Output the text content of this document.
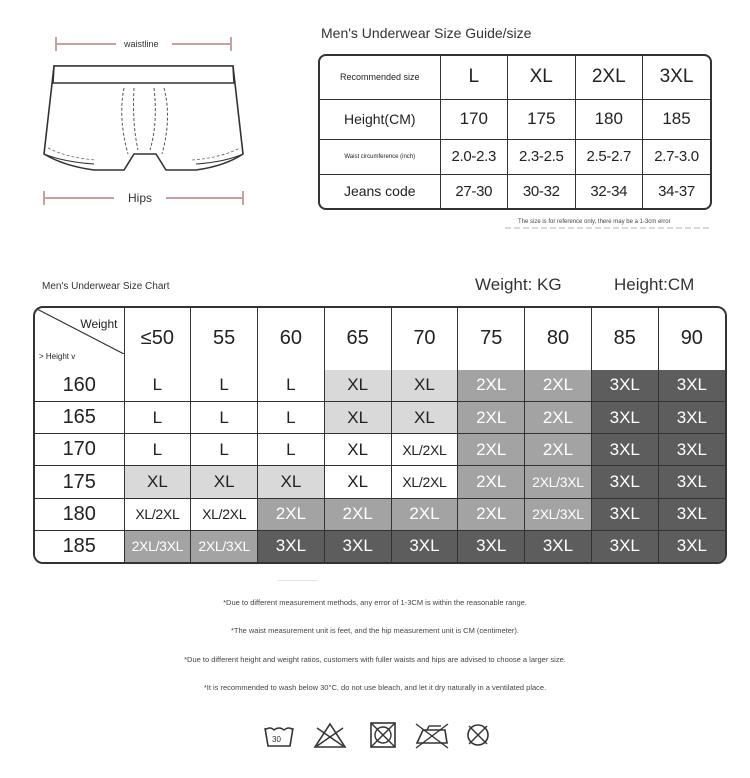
waistline
Hips
Men's Underwear Size Guide/size
Recommended size	L	XL	2XL	3XL
Height(CM)	170	175	180	185
Waist circumference (inch)	2.0-2.3	2.3-2.5	2.5-2.7	2.7-3.0
Jeans code	27-30	30-32	32-34	34-37
The size is for reference only, there may be a 1-3cm error
Men's Underwear Size Chart	Weight: KG	Height:CM
Weight
> Height v	≤50	55	60	65	70	75	80	85	90
160	L	L	L	XL	XL	2XL	2XL	3XL	3XL
165	L	L	L	XL	XL	2XL	2XL	3XL	3XL
170	L	L	L	XL	XL/2XL	2XL	2XL	3XL	3XL
175	XL	XL	XL	XL	XL/2XL	2XL	2XL/3XL	3XL	3XL
180	XL/2XL	XL/2XL	2XL	2XL	2XL	2XL	2XL/3XL	3XL	3XL
185	2XL/3XL	2XL/3XL	3XL	3XL	3XL	3XL	3XL	3XL	3XL
*Due to different measurement methods, any error of 1-3CM is within the reasonable range.
*The waist measurement unit is feet, and the hip measurement unit is CM (centimeter).
*Due to different height and weight ratios, customers with fuller waists and hips are advised to choose a larger size.
*It is recommended to wash below 30°C, do not use bleach, and let it dry naturally in a ventilated place.
30
